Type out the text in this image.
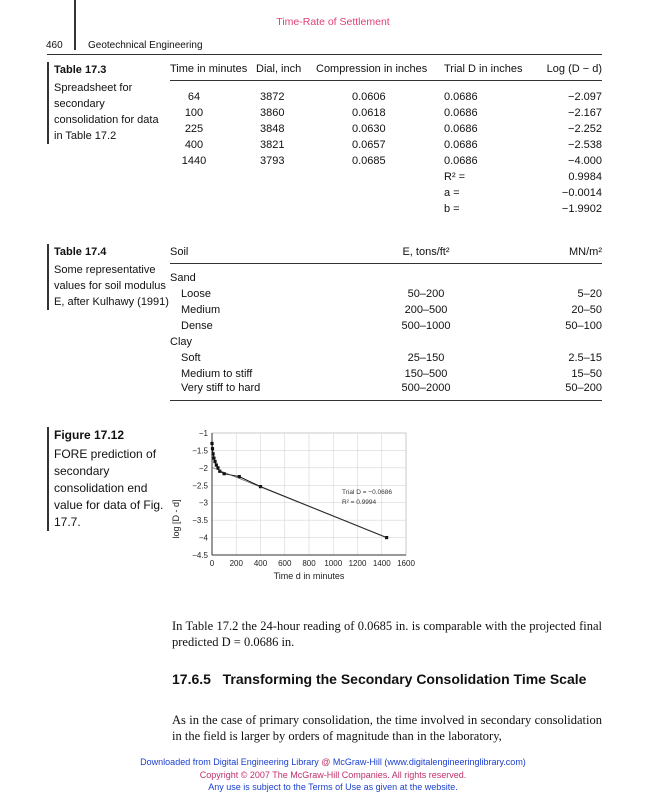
Time-Rate of Settlement
460	Geotechnical Engineering
Table 17.3
Spreadsheet for secondary consolidation for data in Table 17.2
Time in minutes	Dial, inch	Compression in inches	Trial D in inches	Log (D − d)

64	3872	0.0606	0.0686	−2.097
100	3860	0.0618	0.0686	−2.167
225	3848	0.0630	0.0686	−2.252
400	3821	0.0657	0.0686	−2.538
1440	3793	0.0685	0.0686	−4.000
			R² =	0.9984
			a =	−0.0014
			b =	−1.9902
Table 17.4
Some representative values for soil modulus E, after Kulhawy (1991)
Soil	E, tons/ft²	MN/m²

Sand		
Loose	50–200	5–20
Medium	200–500	20–50
Dense	500–1000	50–100
Clay		
Soft	25–150	2.5–15
Medium to stiff	150–500	15–50
Very stiff to hard	500–2000	50–200
Figure 17.12
FORE prediction of secondary consolidation end value for data of Fig. 17.7.
0 200 400 600 800 1000 1200 1400 1600
−1
−1.5
−2
−2.5
−3
−3.5
−4
−4.5
log [D - d]
Time d in minutes
Trial D = −0.0686
R² = 0.9994
In Table 17.2 the 24-hour reading of 0.0685 in. is comparable with the projected final predicted D = 0.0686 in.
17.6.5 Transforming the Secondary Consolidation Time Scale
As in the case of primary consolidation, the time involved in secondary consolidation in the field is larger by orders of magnitude than in the laboratory,
Downloaded from Digital Engineering Library @ McGraw-Hill (www.digitalengineeringlibrary.com)
Copyright © 2007 The McGraw-Hill Companies. All rights reserved.
Any use is subject to the Terms of Use as given at the website.
